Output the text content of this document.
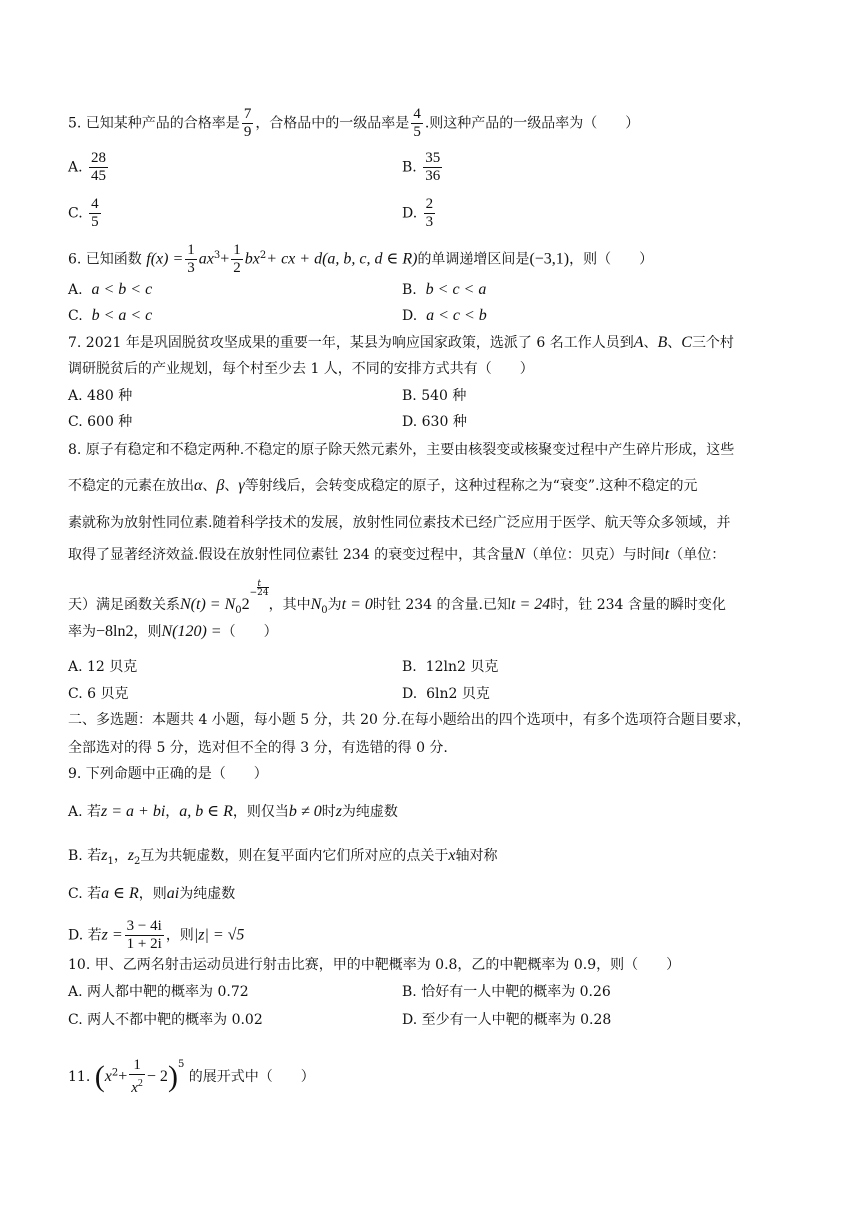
5. 已知某种产品的合格率是 $\frac{7}{9}$ ，合格品中的一级品率是 $\frac{4}{5}$ .则这种产品的一级品率为（　　）
A. $\frac{28}{45}$	B. $\frac{35}{36}$
C. $\frac{4}{5}$	D. $\frac{2}{3}$
6. 已知函数 $f(x) = \frac{1}{3} ax^3+ \frac{1}{2} bx^2+$ cx + d(a, b, c, d ∈ R)的单调递增区间是(−3,1)，则（　　）
A. a < b < c	B. b < c < a
C. b < a < c	D. a < c < b
7. 2021 年是巩固脱贫攻坚成果的重要一年，某县为响应国家政策，选派了 6 名工作人员到A、B、C三个村
调研脱贫后的产业规划，每个村至少去 1 人，不同的安排方式共有（　　）
A. 480 种	B. 540 种
C. 600 种	D. 630 种
8. 原子有稳定和不稳定两种.不稳定的原子除天然元素外，主要由核裂变或核聚变过程中产生碎片形成，这些
不稳定的元素在放出α、β、γ等射线后，会转变成稳定的原子，这种过程称之为“衰变”.这种不稳定的元
素就称为放射性同位素.随着科学技术的发展，放射性同位素技术已经广泛应用于医学、航天等众多领域，并
取得了显著经济效益.假设在放射性同位素钍 234 的衰变过程中，其含量N（单位：贝克）与时间t（单位：
天）满足函数关系$N(t) = N_02$
t
−24
，其中$N_0$为t = 0时钍 234 的含量.已知t = 24时，钍 234 含量的瞬时变化
率为−8ln2，则N(120) =（　　）
A. 12 贝克	B. 12ln2 贝克
C. 6 贝克	D. 6ln2 贝克
二、多选题：本题共 4 小题，每小题 5 分，共 20 分.在每小题给出的四个选项中，有多个选项符合题目要求，
全部选对的得 5 分，选对但不全的得 3 分，有选错的得 0 分.
9. 下列命题中正确的是（　　）
A. 若z = a + bi，a, b ∈ R，则仅当b ≠ 0时z为纯虚数
B. 若$z_1$，$z_2$互为共轭虚数，则在复平面内它们所对应的点关于x轴对称
C. 若a ∈ R，则ai为纯虚数
D. 若$z = \frac{3 - 4i}{1 + 2i}$ ，则|z| = √5
10. 甲、乙两名射击运动员进行射击比赛，甲的中靶概率为 0.8，乙的中靶概率为 0.9，则（　　）
A. 两人都中靶的概率为 0.72	B. 恰好有一人中靶的概率为 0.26
C. 两人不都中靶的概率为 0.02	D. 至少有一人中靶的概率为 0.28
11. $(x^2+ \frac{1}{x^2} - 2)^5$ 的展开式中（　　）
